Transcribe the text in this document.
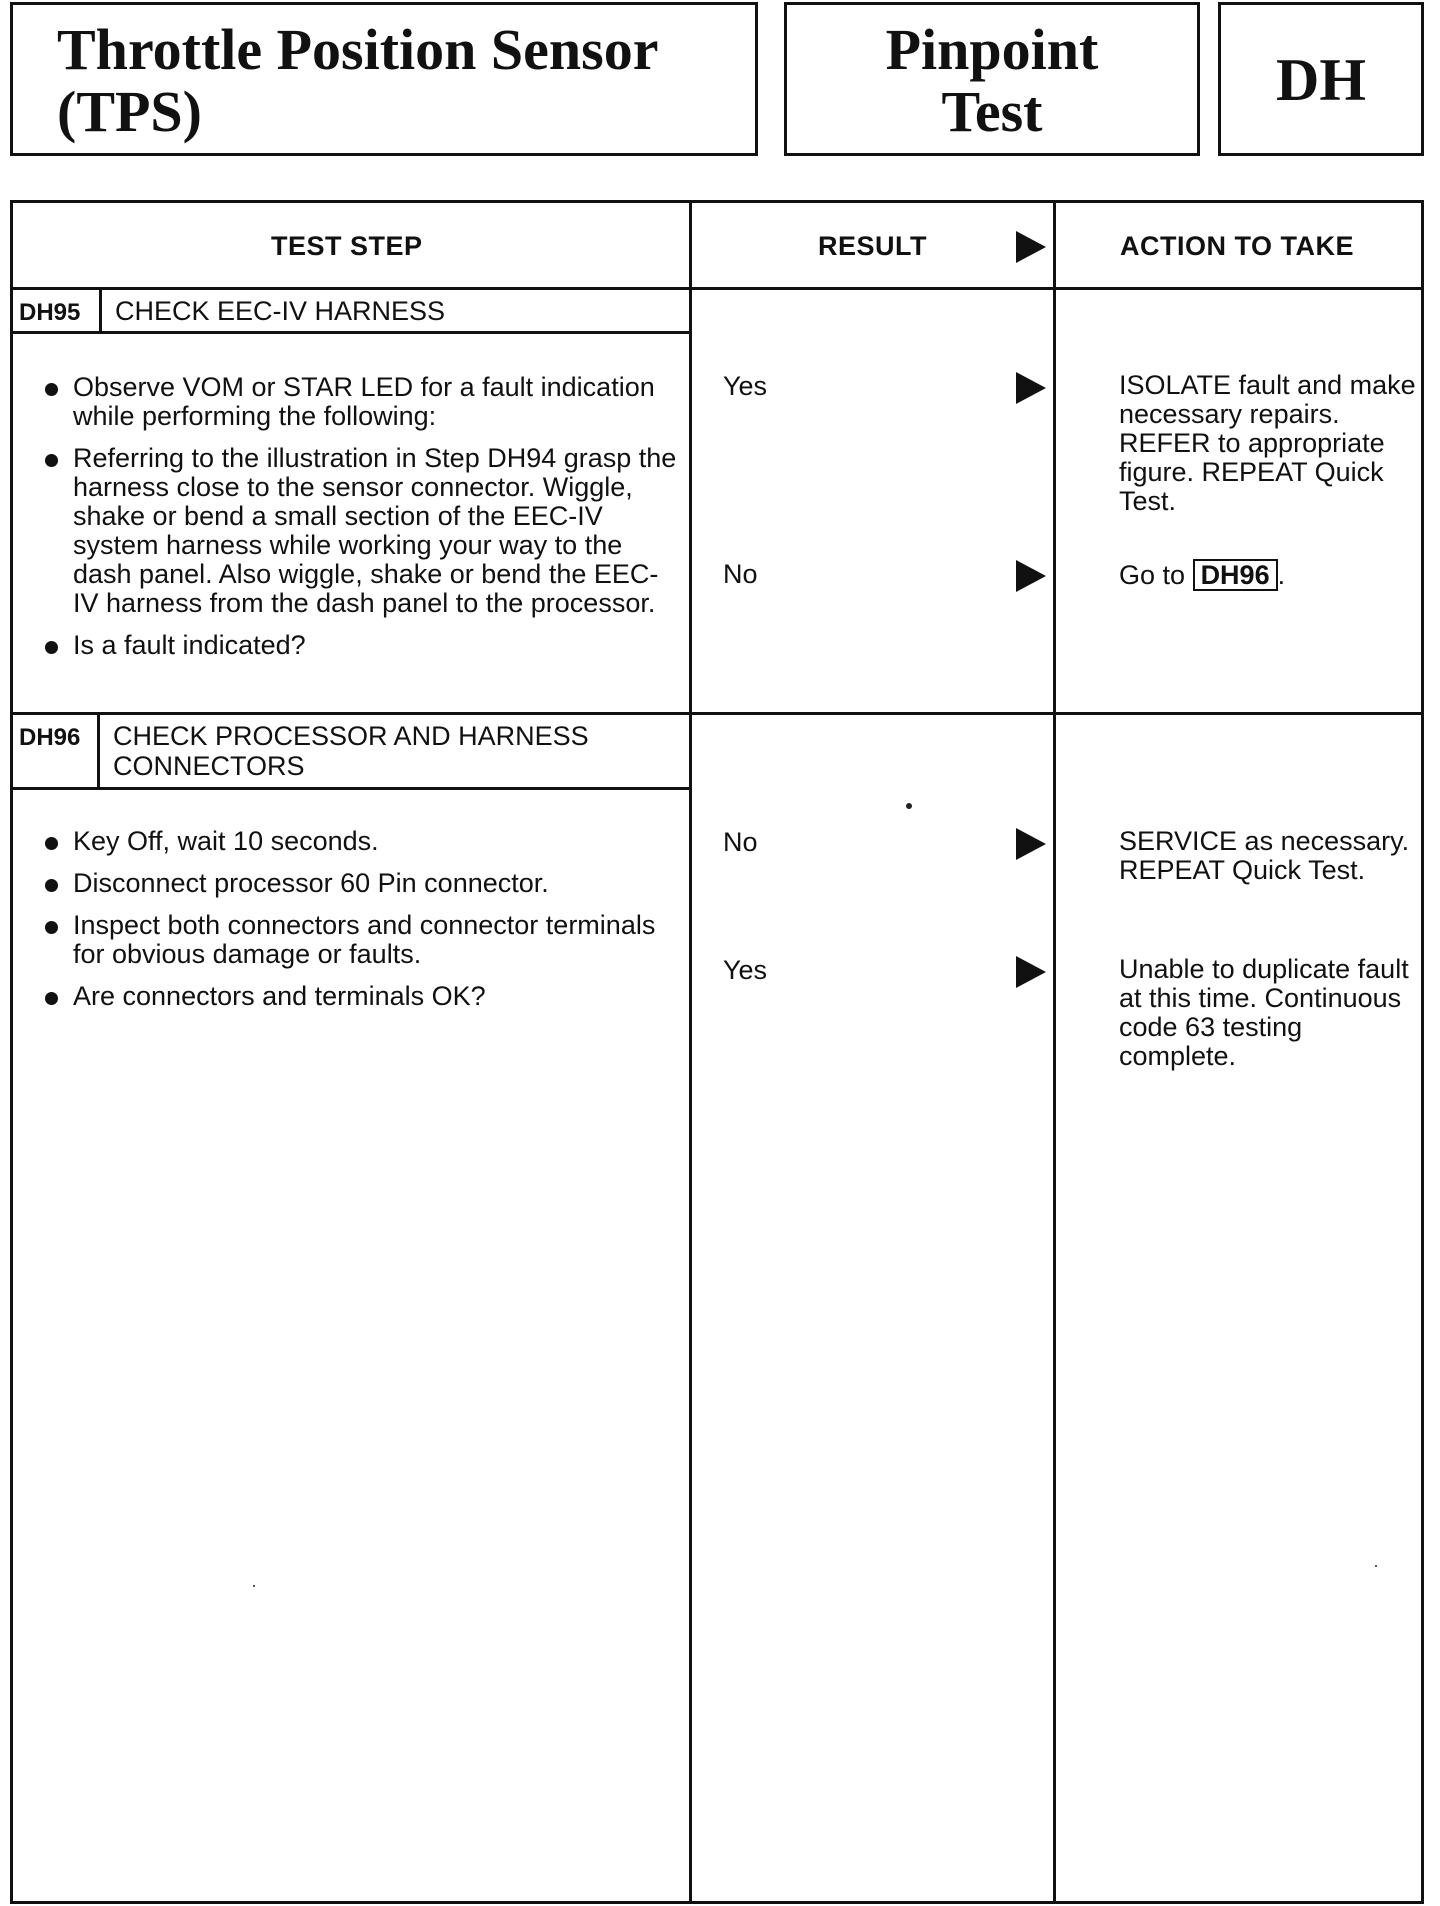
Throttle Position Sensor
(TPS)
Pinpoint
Test	DH
TEST STEP	RESULT	ACTION TO TAKE
DH95 CHECK EEC-IV HARNESS
Observe VOM or STAR LED for a fault indication while performing the following:
Referring to the illustration in Step DH94 grasp the harness close to the sensor connector. Wiggle, shake or bend a small section of the EEC-IV system harness while working your way to the dash panel. Also wiggle, shake or bend the EEC-IV harness from the dash panel to the processor.
Is a fault indicated?
Yes	ISOLATE fault and make necessary repairs. REFER to appropriate figure. REPEAT Quick Test.
No	Go to DH96 .
DH96 CHECK PROCESSOR AND HARNESS
CONNECTORS
Key Off, wait 10 seconds.
Disconnect processor 60 Pin connector.
Inspect both connectors and connector terminals for obvious damage or faults.
Are connectors and terminals OK?
No	SERVICE as necessary. REPEAT Quick Test.
Yes	Unable to duplicate fault at this time. Continuous code 63 testing complete.
